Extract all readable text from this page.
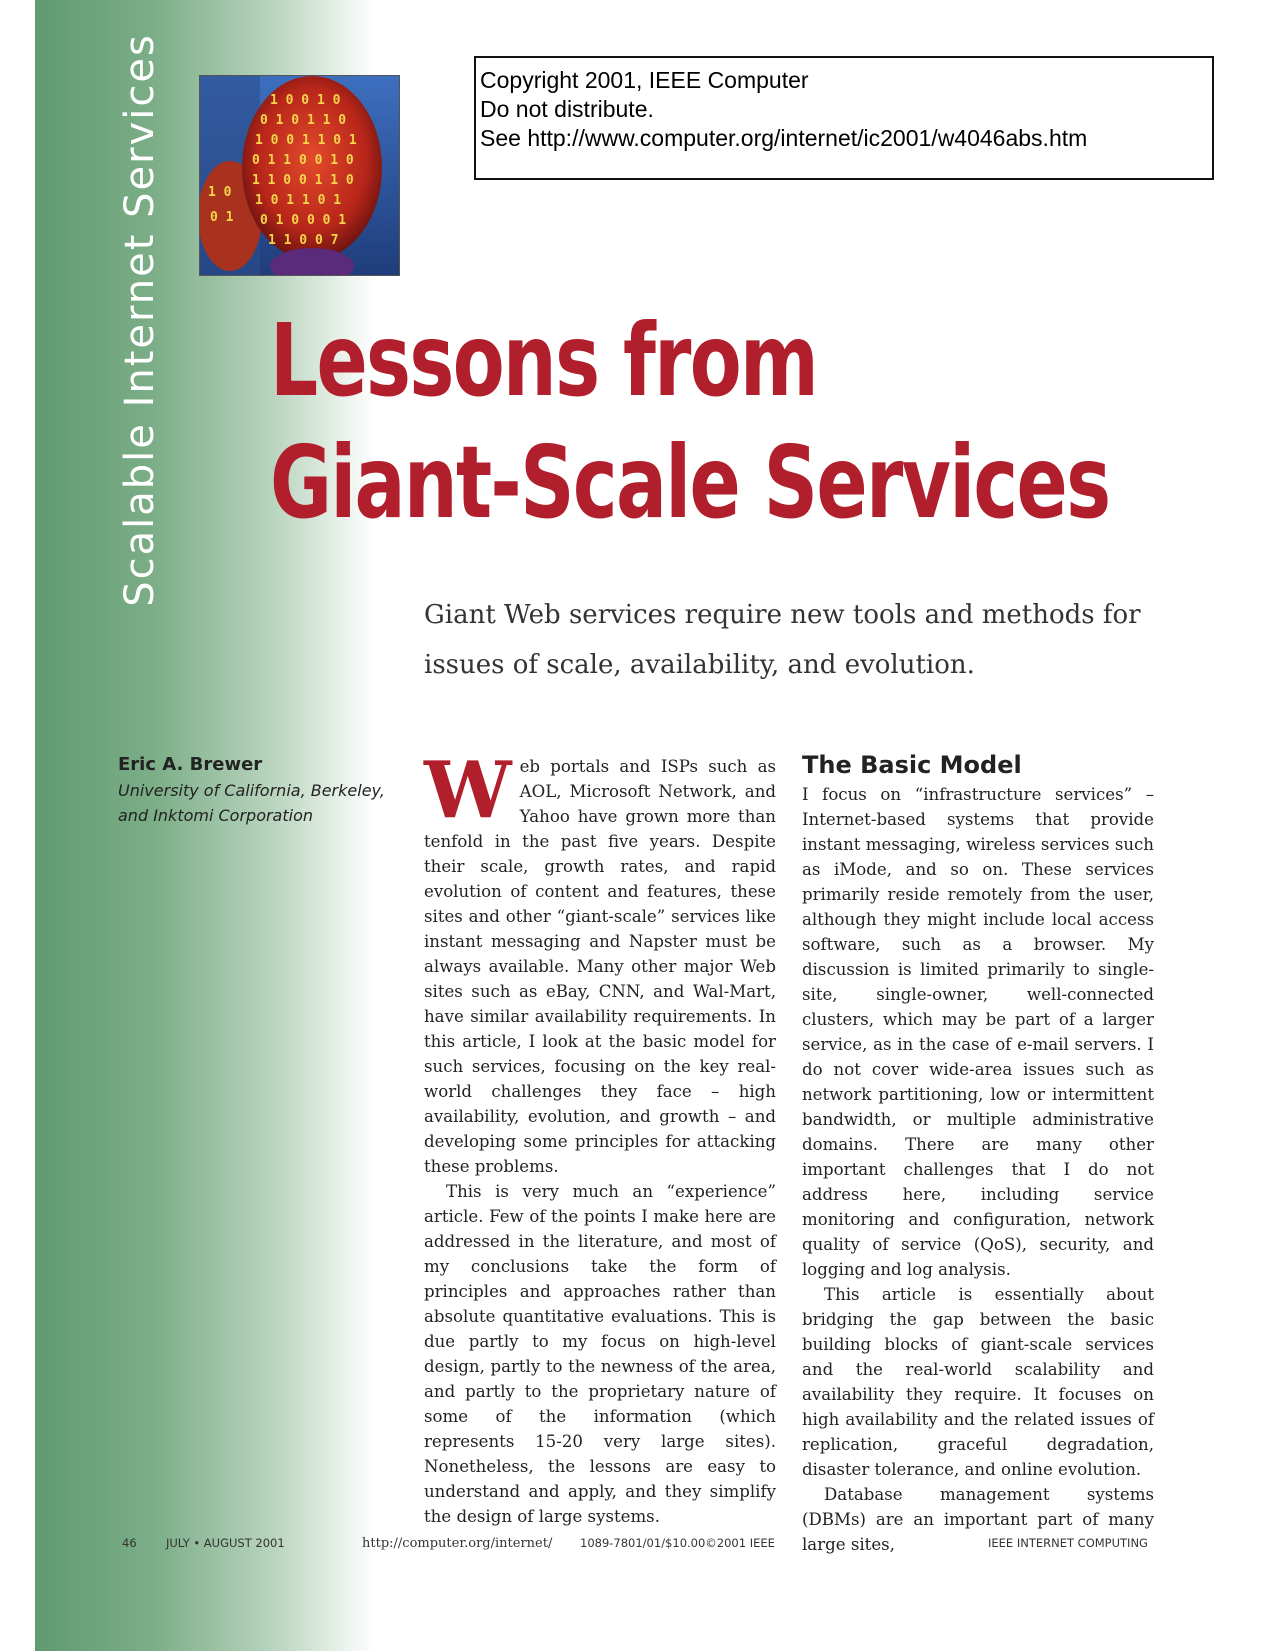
Scalable Internet Services	1 0 0 1 0
0 1 0 1 1 0
1 0 0 1 1 0 1
0 1 1 0 0 1 0
1 1 0 0 1 1 0
1 0 1 1 0 1
0 1 0 0 0 1
1 1 0 0 7
1 0
0 1
Copyright 2001, IEEE Computer
Do not distribute.
See http://www.computer.org/internet/ic2001/w4046abs.htm
Lessons from
Giant-Scale Services
Giant Web services require new tools and methods for issues of scale, availability, and evolution.
Eric A. Brewer
University of California, Berkeley,
and Inktomi Corporation	Web portals and ISPs such as AOL, Microsoft Network, and Yahoo have grown more than tenfold in the past five years. Despite their scale, growth rates, and rapid evolution of content and features, these sites and other “giant-scale” services like instant messaging and Napster must be always available. Many other major Web sites such as eBay, CNN, and Wal-Mart, have similar availability requirements. In this article, I look at the basic model for such services, focusing on the key real-world challenges they face – high availability, evolution, and growth – and developing some principles for attacking these problems.

This is very much an “experience” article. Few of the points I make here are addressed in the literature, and most of my conclusions take the form of principles and approaches rather than absolute quantitative evaluations. This is due partly to my focus on high-level design, partly to the newness of the area, and partly to the proprietary nature of some of the information (which represents 15-20 very large sites). Nonetheless, the lessons are easy to understand and apply, and they simplify the design of large systems.

The Basic Model

I focus on “infrastructure services” – Internet-based systems that provide instant messaging, wireless services such as iMode, and so on. These services primarily reside remotely from the user, although they might include local access software, such as a browser. My discussion is limited primarily to single-site, single-owner, well-connected clusters, which may be part of a larger service, as in the case of e-mail servers. I do not cover wide-area issues such as network partitioning, low or intermittent bandwidth, or multiple administrative domains. There are many other important challenges that I do not address here, including service monitoring and configuration, network quality of service (QoS), security, and logging and log analysis.

This article is essentially about bridging the gap between the basic building blocks of giant-scale services and the real-world scalability and availability they require. It focuses on high availability and the related issues of replication, graceful degradation, disaster tolerance, and online evolution.

Database management systems (DBMs) are an important part of many large sites,

46	JULY • AUGUST 2001	http://computer.org/internet/ 1089-7801/01/$10.00©2001 IEEE	IEEE INTERNET COMPUTING
